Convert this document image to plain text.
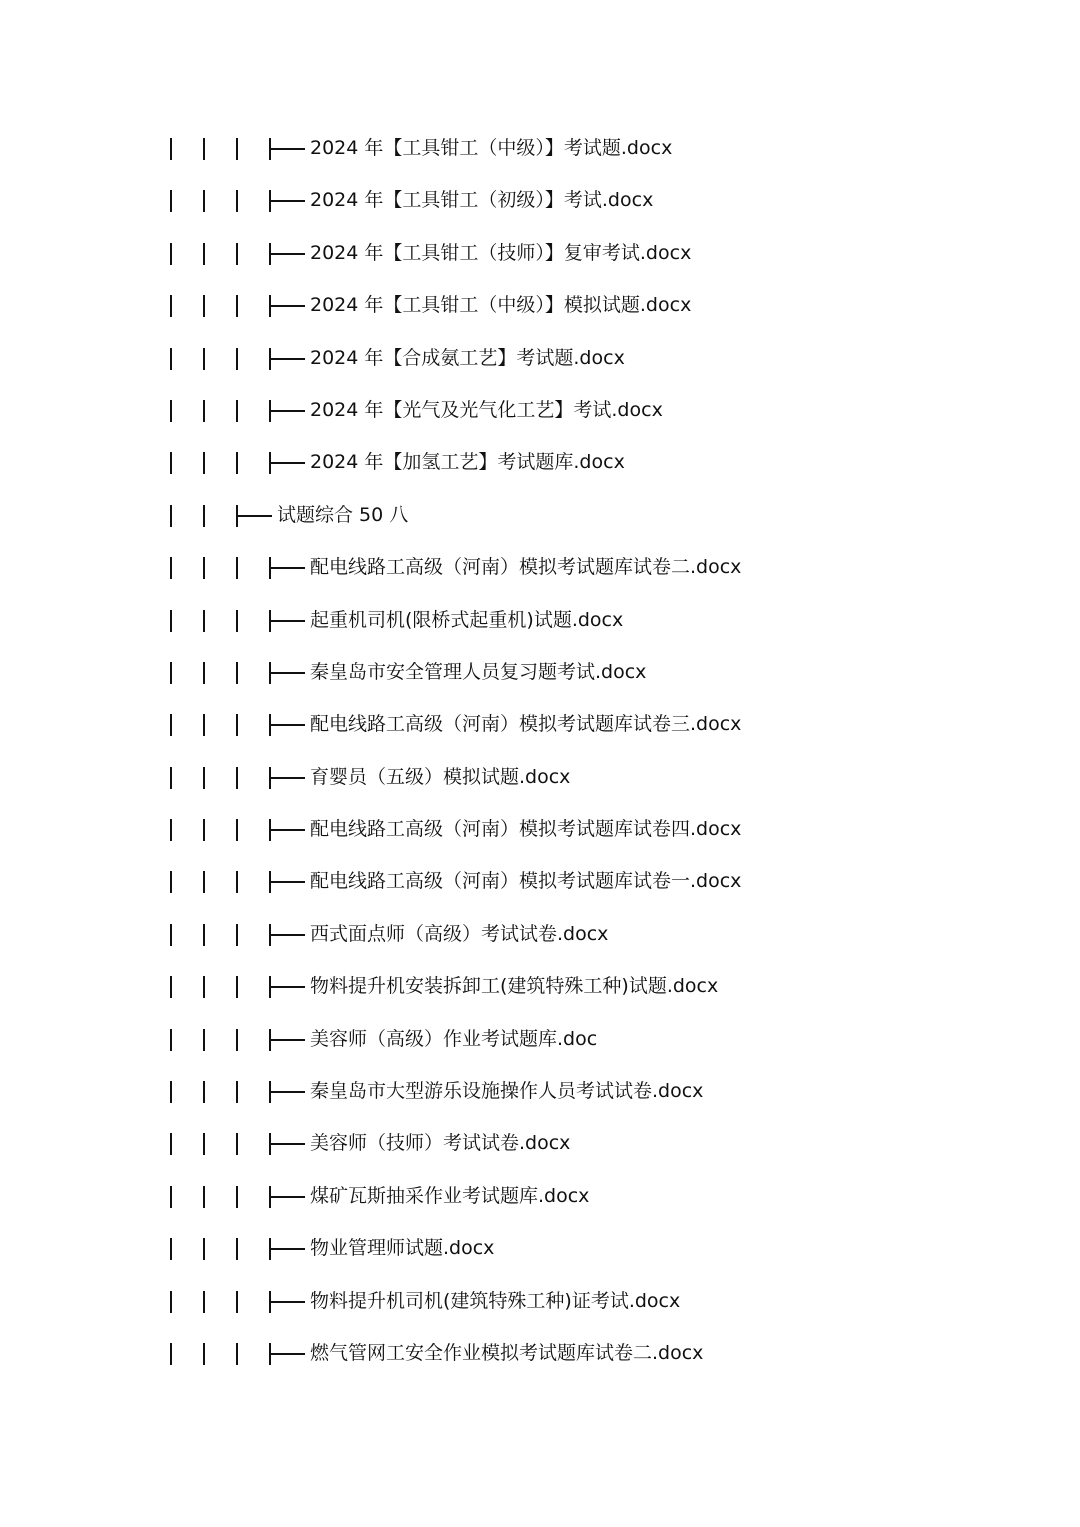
2024 年【工具钳工（中级）】考试题.docx
2024 年【工具钳工（初级）】考试.docx
2024 年【工具钳工（技师）】复审考试.docx
2024 年【工具钳工（中级）】模拟试题.docx
2024 年【合成氨工艺】考试题.docx
2024 年【光气及光气化工艺】考试.docx
2024 年【加氢工艺】考试题库.docx
试题综合 50 八
配电线路工高级（河南）模拟考试题库试卷二.docx
起重机司机(限桥式起重机)试题.docx
秦皇岛市安全管理人员复习题考试.docx
配电线路工高级（河南）模拟考试题库试卷三.docx
育婴员（五级）模拟试题.docx
配电线路工高级（河南）模拟考试题库试卷四.docx
配电线路工高级（河南）模拟考试题库试卷一.docx
西式面点师（高级）考试试卷.docx
物料提升机安装拆卸工(建筑特殊工种)试题.docx
美容师（高级）作业考试题库.doc
秦皇岛市大型游乐设施操作人员考试试卷.docx
美容师（技师）考试试卷.docx
煤矿瓦斯抽采作业考试题库.docx
物业管理师试题.docx
物料提升机司机(建筑特殊工种)证考试.docx
燃气管网工安全作业模拟考试题库试卷二.docx
